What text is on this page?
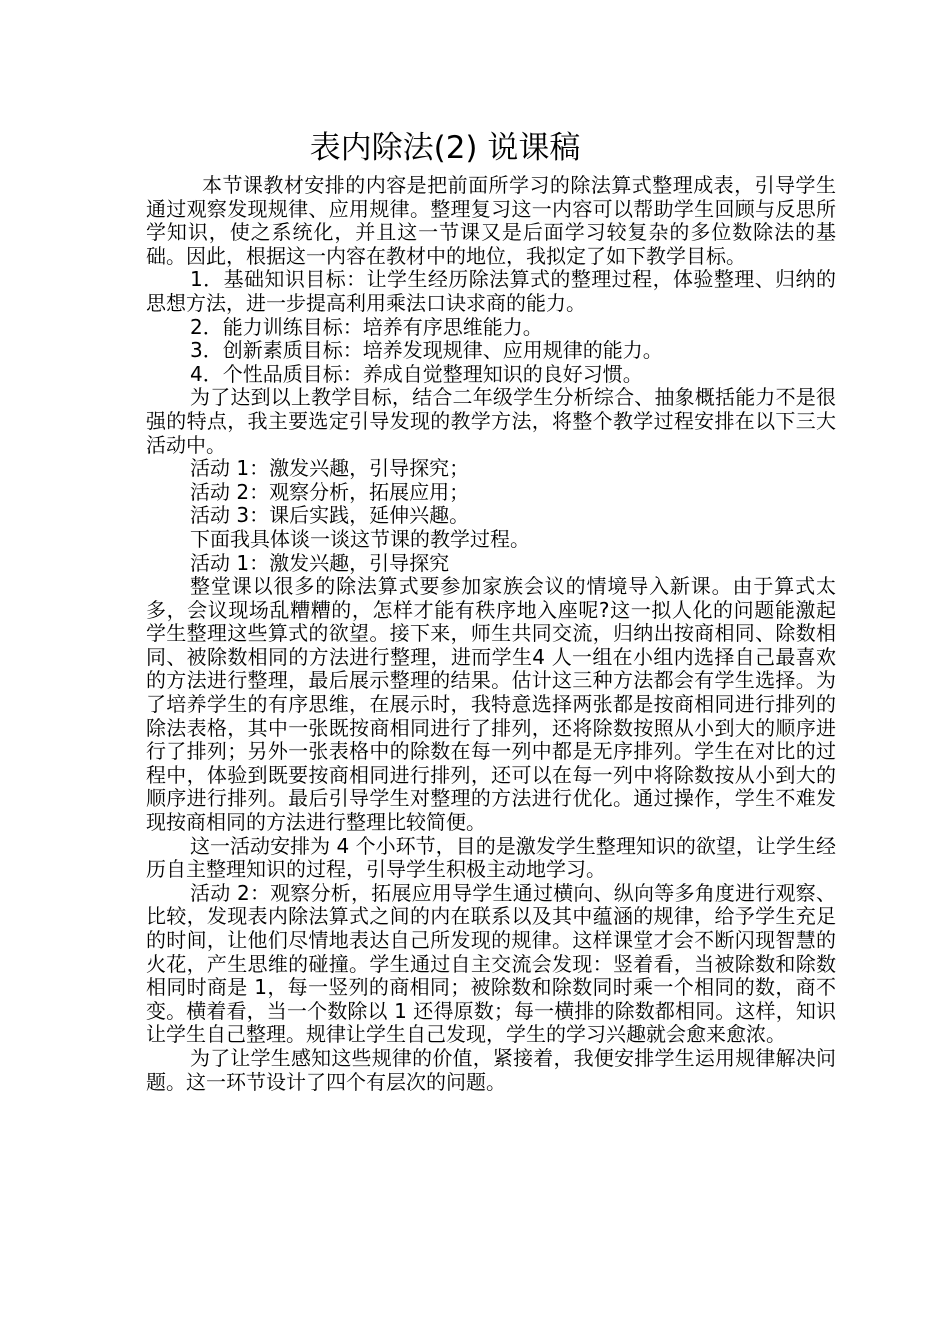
表内除法(2) 说课稿

本节课教材安排的内容是把前面所学习的除法算式整理成表，引导学生通过观察发现规律、应用规律。整理复习这一内容可以帮助学生回顾与反思所学知识，使之系统化，并且这一节课又是后面学习较复杂的多位数除法的基础。因此，根据这一内容在教材中的地位，我拟定了如下教学目标。

1．基础知识目标：让学生经历除法算式的整理过程，体验整理、归纳的思想方法，进一步提高利用乘法口诀求商的能力。

2．能力训练目标：培养有序思维能力。

3．创新素质目标：培养发现规律、应用规律的能力。

4．个性品质目标：养成自觉整理知识的良好习惯。

为了达到以上教学目标，结合二年级学生分析综合、抽象概括能力不是很强的特点，我主要选定引导发现的教学方法，将整个教学过程安排在以下三大活动中。

活动 1：激发兴趣，引导探究；

活动 2：观察分析，拓展应用；

活动 3：课后实践，延伸兴趣。

下面我具体谈一谈这节课的教学过程。

活动 1：激发兴趣，引导探究

整堂课以很多的除法算式要参加家族会议的情境导入新课。由于算式太多，会议现场乱糟糟的，怎样才能有秩序地入座呢?这一拟人化的问题能激起学生整理这些算式的欲望。接下来，师生共同交流，归纳出按商相同、除数相同、被除数相同的方法进行整理，进而学生4 人一组在小组内选择自己最喜欢的方法进行整理，最后展示整理的结果。估计这三种方法都会有学生选择。为了培养学生的有序思维，在展示时，我特意选择两张都是按商相同进行排列的除法表格，其中一张既按商相同进行了排列，还将除数按照从小到大的顺序进行了排列；另外一张表格中的除数在每一列中都是无序排列。学生在对比的过程中，体验到既要按商相同进行排列，还可以在每一列中将除数按从小到大的顺序进行排列。最后引导学生对整理的方法进行优化。通过操作，学生不难发现按商相同的方法进行整理比较简便。

这一活动安排为 4 个小环节，目的是激发学生整理知识的欲望，让学生经历自主整理知识的过程，引导学生积极主动地学习。

活动 2：观察分析，拓展应用导学生通过横向、纵向等多角度进行观察、比较，发现表内除法算式之间的内在联系以及其中蕴涵的规律，给予学生充足的时间，让他们尽情地表达自己所发现的规律。这样课堂才会不断闪现智慧的火花，产生思维的碰撞。学生通过自主交流会发现：竖着看，当被除数和除数相同时商是 1，每一竖列的商相同；被除数和除数同时乘一个相同的数，商不变。横着看，当一个数除以 1 还得原数；每一横排的除数都相同。这样，知识让学生自己整理。规律让学生自己发现，学生的学习兴趣就会愈来愈浓。

为了让学生感知这些规律的价值，紧接着，我便安排学生运用规律解决问题。这一环节设计了四个有层次的问题。
